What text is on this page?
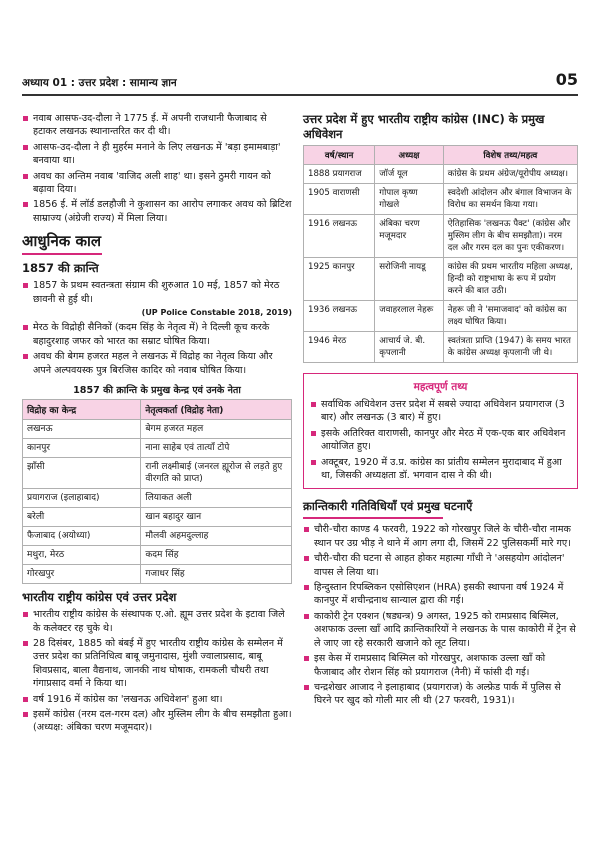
अध्याय 01 : उत्तर प्रदेश : सामान्य ज्ञान	05
नवाब आसफ-उद-दौला ने 1775 ई. में अपनी राजधानी फैजाबाद से हटाकर लखनऊ स्थानान्तरित कर दी थी।
आसफ-उद-दौला ने ही मुहर्रम मनाने के लिए लखनऊ में 'बड़ा इमामबाड़ा' बनवाया था।
अवध का अन्तिम नवाब 'वाजिद अली शाह' था। इसने ठुमरी गायन को बढ़ावा दिया।
1856 ई. में लॉर्ड डलहौजी ने कुशासन का आरोप लगाकर अवध को ब्रिटिश साम्राज्य (अंग्रेजी राज्य) में मिला लिया।
आधुनिक काल
1857 की क्रान्ति
1857 के प्रथम स्वतन्त्रता संग्राम की शुरुआत 10 मई, 1857 को मेरठ छावनी से हुई थी।
(UP Police Constable 2018, 2019)
मेरठ के विद्रोही सैनिकों (कदम सिंह के नेतृत्व में) ने दिल्ली कूच करके बहादुरशाह जफर को भारत का सम्राट घोषित किया।
अवध की बेगम हजरत महल ने लखनऊ में विद्रोह का नेतृत्व किया और अपने अल्पवयस्क पुत्र बिरजिस कादिर को नवाब घोषित किया।
1857 की क्रान्ति के प्रमुख केन्द्र एवं उनके नेता
विद्रोह का केन्द्र	नेतृत्वकर्ता (विद्रोह नेता)
लखनऊ	बेगम हजरत महल
कानपुर	नाना साहेब एवं तात्याँ टोपे
झाँसी	रानी लक्ष्मीबाई (जनरल ह्यूरोज से लड़ते हुए वीरगति को प्राप्त)
प्रयागराज (इलाहाबाद)	लियाकत अली
बरेली	खान बहादुर खान
फैजाबाद (अयोध्या)	मौलवी अहमदुल्लाह
मथुरा, मेरठ	कदम सिंह
गोरखपुर	गजाधर सिंह
भारतीय राष्ट्रीय कांग्रेस एवं उत्तर प्रदेश
भारतीय राष्ट्रीय कांग्रेस के संस्थापक ए.ओ. ह्यूम उत्तर प्रदेश के इटावा जिले के कलेक्टर रह चुके थे।
28 दिसंबर, 1885 को बंबई में हुए भारतीय राष्ट्रीय कांग्रेस के सम्मेलन में उत्तर प्रदेश का प्रतिनिधित्व बाबू जमुनादास, मुंशी ज्वालाप्रसाद, बाबू शिवप्रसाद, बाला वैद्यनाथ, जानकी नाथ घोषाक, रामकली चौधरी तथा गंगाप्रसाद वर्मा ने किया था।
वर्ष 1916 में कांग्रेस का 'लखनऊ अधिवेशन' हुआ था।
इसमें कांग्रेस (नरम दल-गरम दल) और मुस्लिम लीग के बीच समझौता हुआ। (अध्यक्ष: अंबिका चरण मजूमदार)।
उत्तर प्रदेश में हुए भारतीय राष्ट्रीय कांग्रेस (INC) के प्रमुख अधिवेशन
वर्ष/स्थान	अध्यक्ष	विशेष तथ्य/महत्व
1888 प्रयागराज	जॉर्ज यूल	कांग्रेस के प्रथम अंग्रेज/यूरोपीय अध्यक्ष।
1905 वाराणसी	गोपाल कृष्ण गोखले	स्वदेशी आंदोलन और बंगाल विभाजन के विरोध का समर्थन किया गया।
1916 लखनऊ	अंबिका चरण मजूमदार	ऐतिहासिक 'लखनऊ पैक्ट' (कांग्रेस और मुस्लिम लीग के बीच समझौता)। नरम दल और गरम दल का पुनः एकीकरण।
1925 कानपुर	सरोजिनी नायडू	कांग्रेस की प्रथम भारतीय महिला अध्यक्ष, हिन्दी को राष्ट्रभाषा के रूप में प्रयोग करने की बात उठी।
1936 लखनऊ	जवाहरलाल नेहरू	नेहरू जी ने 'समाजवाद' को कांग्रेस का लक्ष्य घोषित किया।
1946 मेरठ	आचार्य जे. बी. कृपलानी	स्वतंत्रता प्राप्ति (1947) के समय भारत के कांग्रेस अध्यक्ष कृपलानी जी थे।
महत्वपूर्ण तथ्य
सर्वाधिक अधिवेशन उत्तर प्रदेश में सबसे ज्यादा अधिवेशन प्रयागराज (3 बार) और लखनऊ (3 बार) में हुए।
इसके अतिरिक्त वाराणसी, कानपुर और मेरठ में एक-एक बार अधिवेशन आयोजित हुए।
अक्टूबर, 1920 में उ.प्र. कांग्रेस का प्रांतीय सम्मेलन मुरादाबाद में हुआ था, जिसकी अध्यक्षता डॉ. भगवान दास ने की थी।
क्रान्तिकारी गतिविधियाँ एवं प्रमुख घटनाएँ
चौरी-चौरा काण्ड 4 फरवरी, 1922 को गोरखपुर जिले के चौरी-चौरा नामक स्थान पर उग्र भीड़ ने थाने में आग लगा दी, जिसमें 22 पुलिसकर्मी मारे गए।
चौरी-चौरा की घटना से आहत होकर महात्मा गाँधी ने 'असहयोग आंदोलन' वापस ले लिया था।
हिन्दुस्तान रिपब्लिकन एसोसिएशन (HRA) इसकी स्थापना वर्ष 1924 में कानपुर में शचीन्द्रनाथ सान्याल द्वारा की गई।
काकोरी ट्रेन एक्शन (षड्यन्त्र) 9 अगस्त, 1925 को रामप्रसाद बिस्मिल, अशफाक उल्ला खाँ आदि क्रान्तिकारियों ने लखनऊ के पास काकोरी में ट्रेन से ले जाए जा रहे सरकारी खजाने को लूट लिया।
इस केस में रामप्रसाद बिस्मिल को गोरखपुर, अशफाक उल्ला खाँ को फैजाबाद और रोशन सिंह को प्रयागराज (नैनी) में फांसी दी गई।
चन्द्रशेखर आजाद ने इलाहाबाद (प्रयागराज) के अल्फ्रेड पार्क में पुलिस से घिरने पर खुद को गोली मार ली थी (27 फरवरी, 1931)।
